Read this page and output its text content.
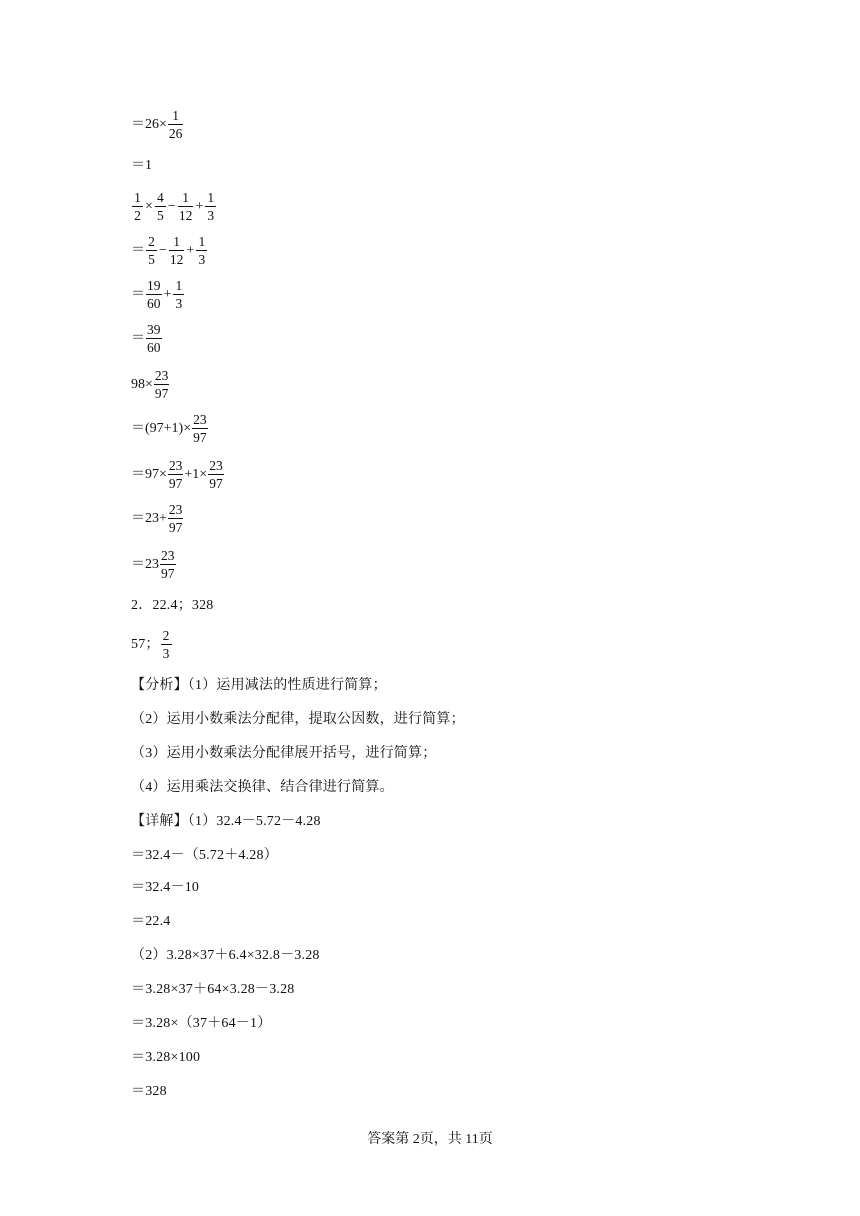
$=26\times \frac{1}{26}$
＝1
$\frac{1}{2} \times \frac{4}{5} - \frac{1}{12} + \frac{1}{3}$
＝ $\frac{2}{5} - \frac{1}{12} + \frac{1}{3}$
＝ $\frac{19}{60} + \frac{1}{3}$
＝ $\frac{39}{60}$
$98\times \frac{23}{97}$
$=(97+1)\times \frac{23}{97}$
$=97\times \frac{23}{97} +1\times \frac{23}{97}$
$=23+ \frac{23}{97}$
$=23 \frac{23}{97}$
2．22.4；328
57； $\frac{2}{3}$
【分析】（1）运用减法的性质进行简算；
（2）运用小数乘法分配律，提取公因数，进行简算；
（3）运用小数乘法分配律展开括号，进行简算；
（4）运用乘法交换律、结合律进行简算。
【详解】（1）32.4－5.72－4.28
＝32.4－（5.72＋4.28）
＝32.4－10
＝22.4
（2）3.28×37＋6.4×32.8－3.28
＝3.28×37＋64×3.28－3.28
＝3.28×（37＋64－1）
＝3.28×100
＝328
答案第 2页，共 11页
